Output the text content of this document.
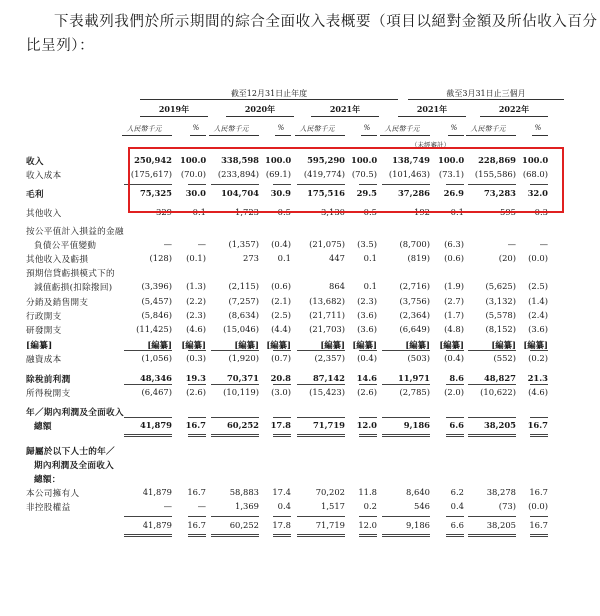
下表載列我們於所示期間的綜合全面收入表概要（項目以絕對金額及所佔收入百分
比呈列）：
截至12月31日止年度	截至3月31日止三個月
2019年	2020年	2021年	2021年	2022年
人民幣千元	%	人民幣千元	%	人民幣千元	%	人民幣千元	%	人民幣千元	%
（未經審計）
收入	250,942 100.0	338,598 100.0	595,290 100.0	138,749 100.0	228,869 100.0
收入成本	(175,617) (70.0)	(233,894) (69.1)	(419,774) (70.5)	(101,463) (73.1)	(155,586) (68.0)
毛利	75,325	30.0	104,704	30.9	175,516	29.5	37,286	26.9	73,283	32.0
其他收入	329	0.1	1,723	0.5	3,130	0.5	192	0.1	595	0.3
按公平值計入損益的金融
負債公平值變動	—	—	(1,357)	(0.4)	(21,075)	(3.5)	(8,700)	(6.3)	—	—
其他收入及虧損	(128)	(0.1)	273	0.1	447	0.1	(819)	(0.6)	(20)	(0.0)
預期信貸虧損模式下的
減值虧損(扣除撥回)	(3,396)	(1.3)	(2,115)	(0.6)	864	0.1	(2,716)	(1.9)	(5,625)	(2.5)
分銷及銷售開支	(5,457)	(2.2)	(7,257)	(2.1)	(13,682)	(2.3)	(3,756)	(2.7)	(3,132)	(1.4)
行政開支	(5,846)	(2.3)	(8,634)	(2.5)	(21,711)	(3.6)	(2,364)	(1.7)	(5,578)	(2.4)
研發開支	(11,425)	(4.6)	(15,046)	(4.4)	(21,703)	(3.6)	(6,649)	(4.8)	(8,152)	(3.6)
[編纂]	[編纂] [編纂]	[編纂] [編纂]	[編纂] [編纂]	[編纂] [編纂]	[編纂] [編纂]
融資成本	(1,056)	(0.3)	(1,920)	(0.7)	(2,357)	(0.4)	(503)	(0.4)	(552)	(0.2)
除稅前利潤	48,346	19.3	70,371	20.8	87,142	14.6	11,971	8.6	48,827	21.3
所得稅開支	(6,467)	(2.6)	(10,119)	(3.0)	(15,423)	(2.6)	(2,785)	(2.0)	(10,622)	(4.6)
年／期內利潤及全面收入
總額	41,879	16.7	60,252	17.8	71,719	12.0	9,186	6.6	38,205	16.7
歸屬於以下人士的年／
期內利潤及全面收入
總額：
本公司擁有人	41,879	16.7	58,883	17.4	70,202	11.8	8,640	6.2	38,278	16.7
非控股權益	—	—	1,369	0.4	1,517	0.2	546	0.4	(73)	(0.0)
41,879	16.7	60,252	17.8	71,719	12.0	9,186	6.6	38,205	16.7
